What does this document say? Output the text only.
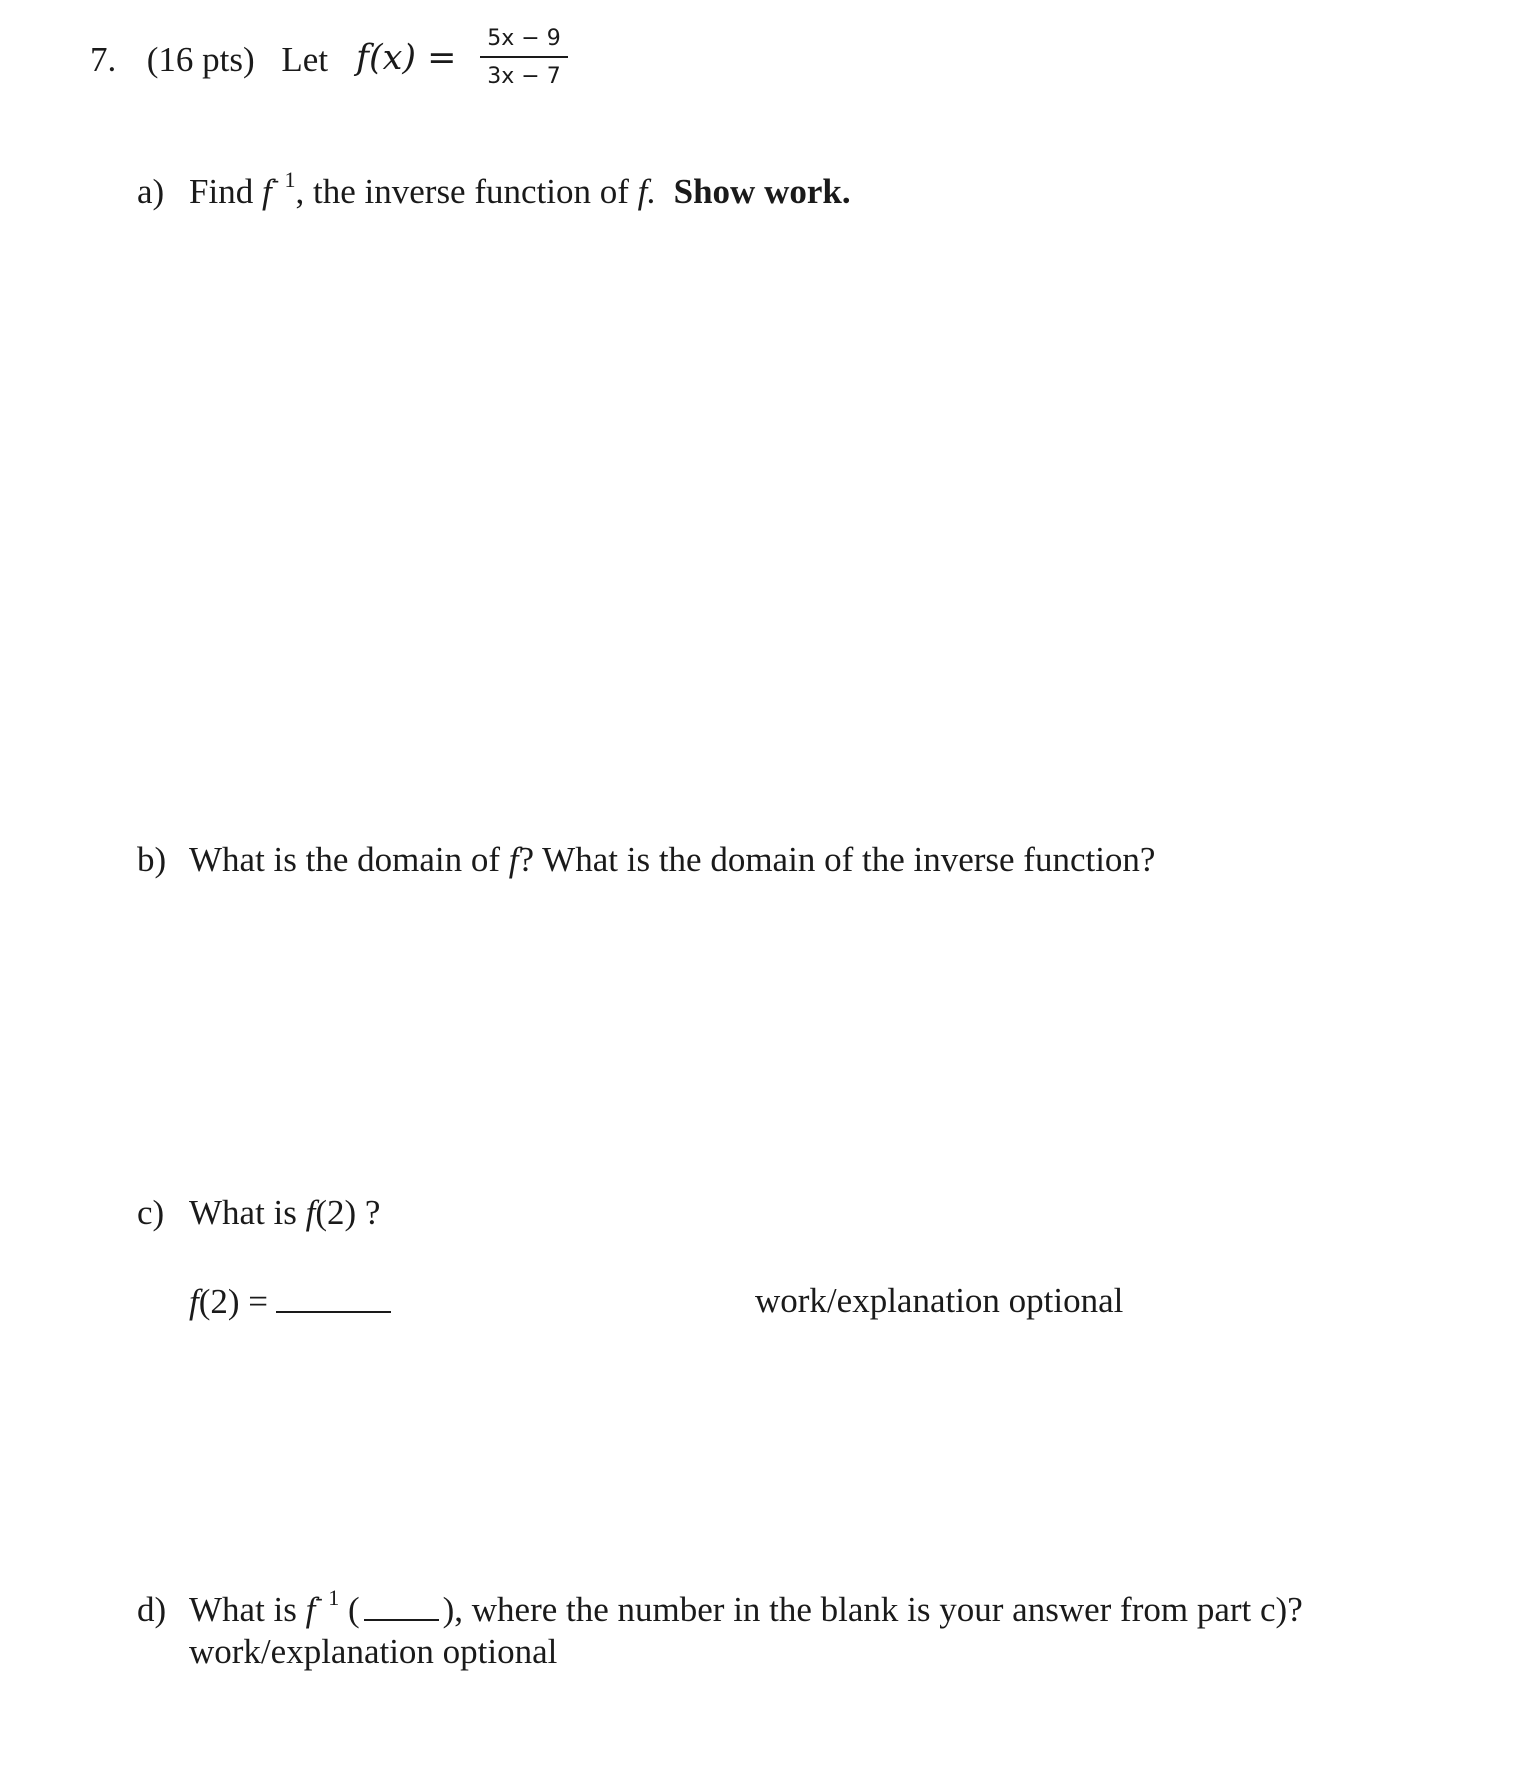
7. (16 pts) Let f(x) =	5x − 9
3x − 7
a) Find $f^{- 1}$, the inverse function of f. Show work.
b) What is the domain of f? What is the domain of the inverse function?
c) What is f(2) ?
f(2) =	work/explanation optional
d) What is $f^{- 1}$ ( ), where the number in the blank is your answer from part c)?
work/explanation optional
